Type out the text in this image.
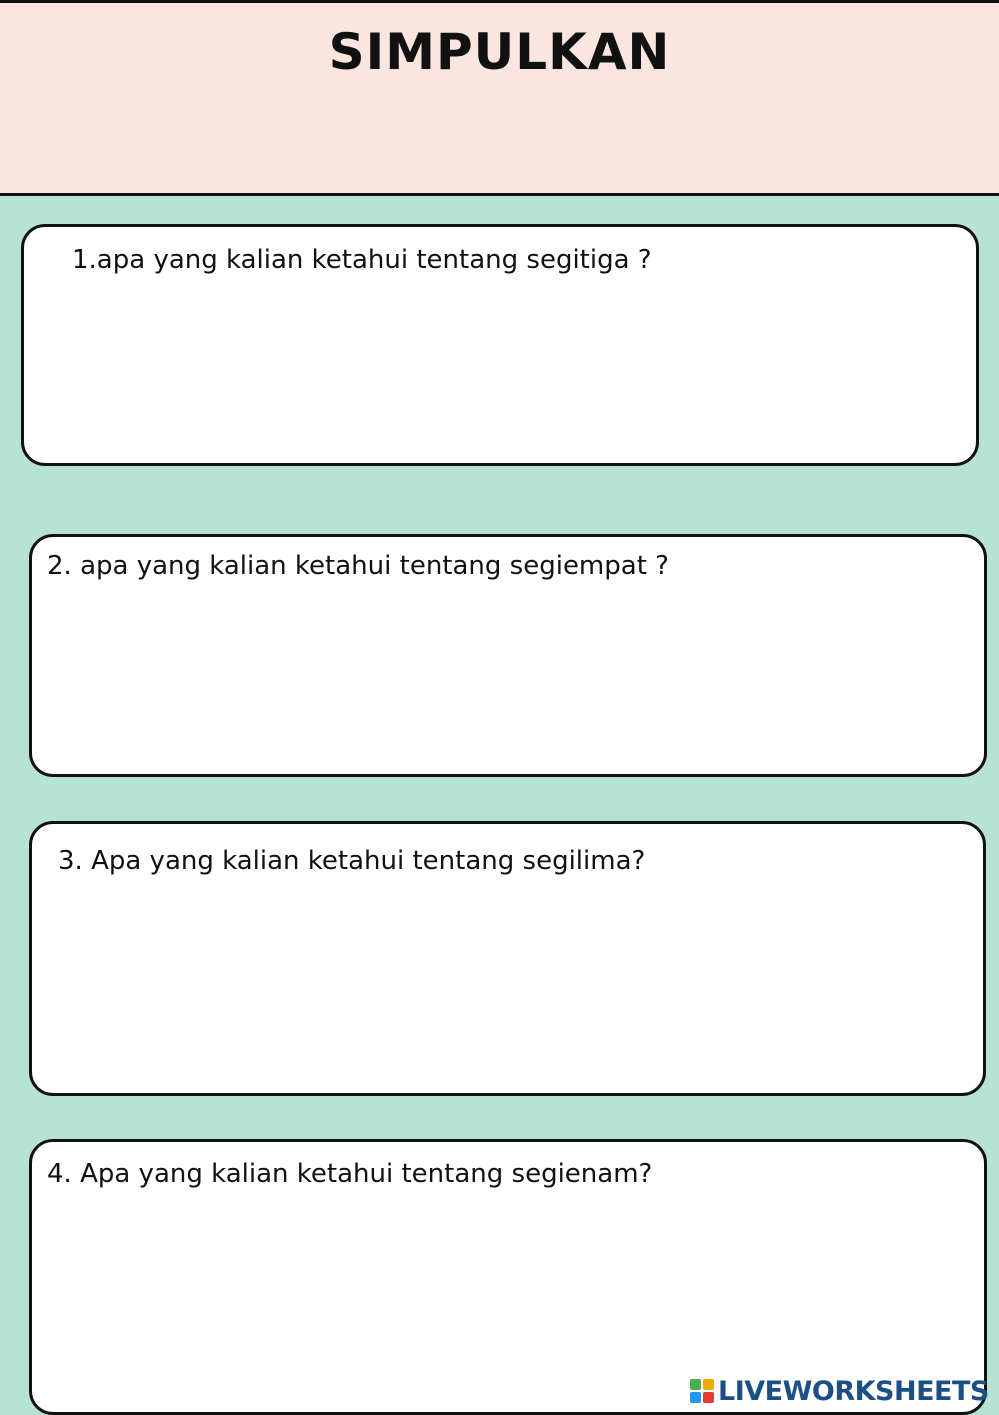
SIMPULKAN
1.apa yang kalian ketahui tentang segitiga ?
2. apa yang kalian ketahui tentang segiempat ?
3. Apa yang kalian ketahui tentang segilima?
4. Apa yang kalian ketahui tentang segienam?
LIVEWORKSHEETS
